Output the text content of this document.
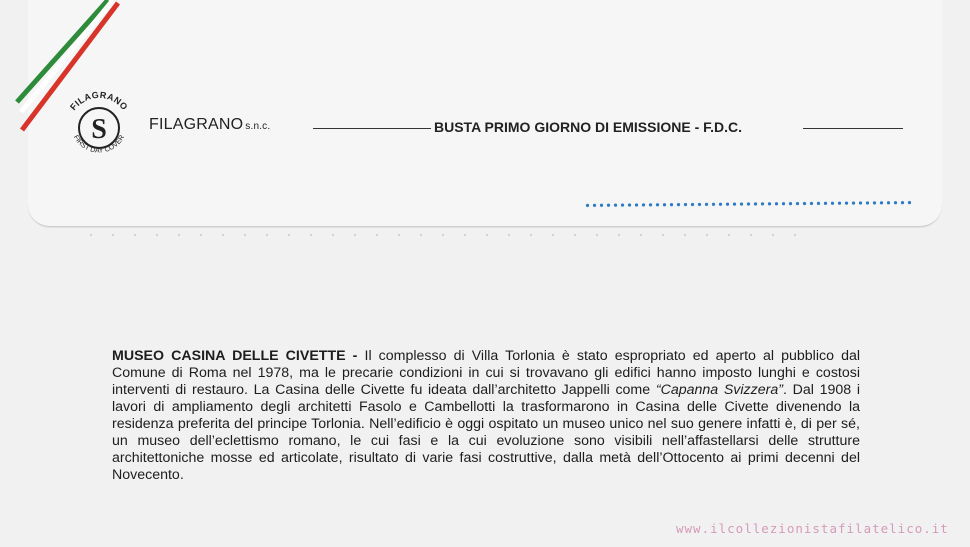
FILAGRANO
S
FIRST DAY COVER
FILAGRANO s.n.c.	BUSTA PRIMO GIORNO DI EMISSIONE - F.D.C.
MUSEO CASINA DELLE CIVETTE - Il complesso di Villa Torlonia è stato espropriato ed aperto al pubblico dal Comune di Roma nel 1978, ma le precarie condizioni in cui si trovavano gli edifici hanno imposto lunghi e costosi interventi di restauro. La Casina delle Civette fu ideata dall’architetto Jappelli come “Capanna Svizzera”. Dal 1908 i lavori di ampliamento degli architetti Fasolo e Cambellotti la trasformarono in Casina delle Civette divenendo la residenza preferita del principe Torlonia. Nell’edificio è oggi ospitato un museo unico nel suo genere infatti è, di per sé, un museo dell’eclettismo romano, le cui fasi e la cui evoluzione sono visibili nell’affastellarsi delle strutture architettoniche mosse ed articolate, risultato di varie fasi costruttive, dalla metà dell’Ottocento ai primi decenni del Novecento.
www.ilcollezionistafilatelico.it
